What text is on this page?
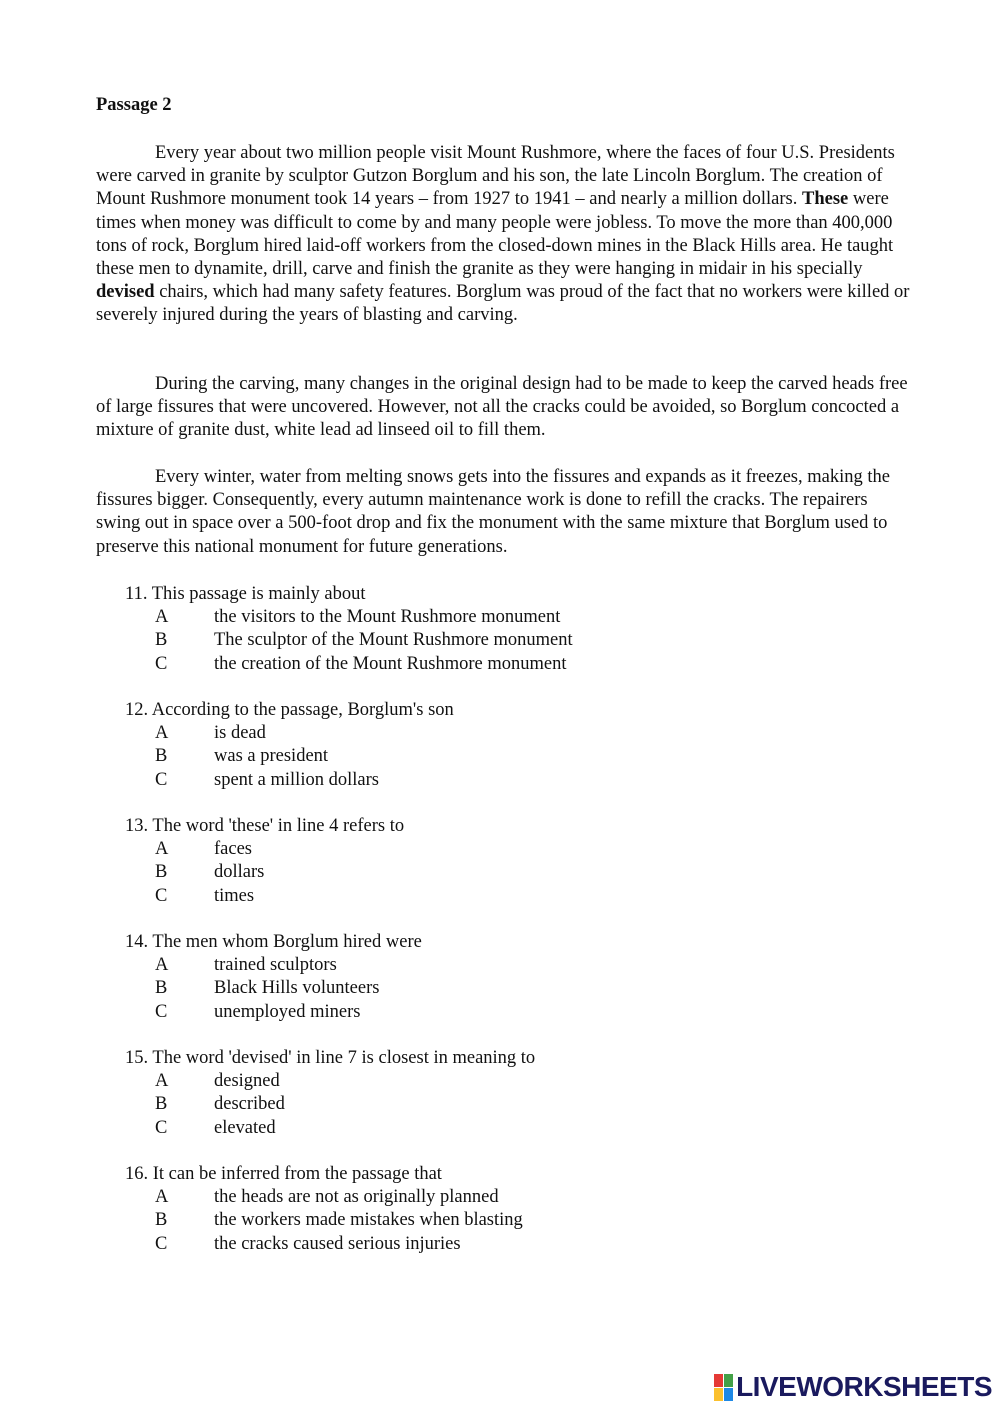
Passage 2

Every year about two million people visit Mount Rushmore, where the faces of four U.S. Presidents were carved in granite by sculptor Gutzon Borglum and his son, the late Lincoln Borglum. The creation of Mount Rushmore monument took 14 years – from 1927 to 1941 – and nearly a million dollars. These were times when money was difficult to come by and many people were jobless. To move the more than 400,000 tons of rock, Borglum hired laid-off workers from the closed-down mines in the Black Hills area. He taught these men to dynamite, drill, carve and finish the granite as they were hanging in midair in his specially devised chairs, which had many safety features. Borglum was proud of the fact that no workers were killed or severely injured during the years of blasting and carving.

During the carving, many changes in the original design had to be made to keep the carved heads free of large fissures that were uncovered. However, not all the cracks could be avoided, so Borglum concocted a mixture of granite dust, white lead ad linseed oil to fill them.

Every winter, water from melting snows gets into the fissures and expands as it freezes, making the fissures bigger. Consequently, every autumn maintenance work is done to refill the cracks. The repairers swing out in space over a 500-foot drop and fix the monument with the same mixture that Borglum used to preserve this national monument for future generations.

11. This passage is mainly about
A the visitors to the Mount Rushmore monument
B	The sculptor of the Mount Rushmore monument
C	the creation of the Mount Rushmore monument
12. According to the passage, Borglum's son
A is dead
B	was a president
C	spent a million dollars
13. The word 'these' in line 4 refers to
A faces
B	dollars
C	times
14. The men whom Borglum hired were
A trained sculptors
B	Black Hills volunteers
C	unemployed miners
15. The word 'devised' in line 7 is closest in meaning to
A designed
B	described
C	elevated
16. It can be inferred from the passage that
A the heads are not as originally planned
B	the workers made mistakes when blasting
C	the cracks caused serious injuries
LIVEWORKSHEETS
